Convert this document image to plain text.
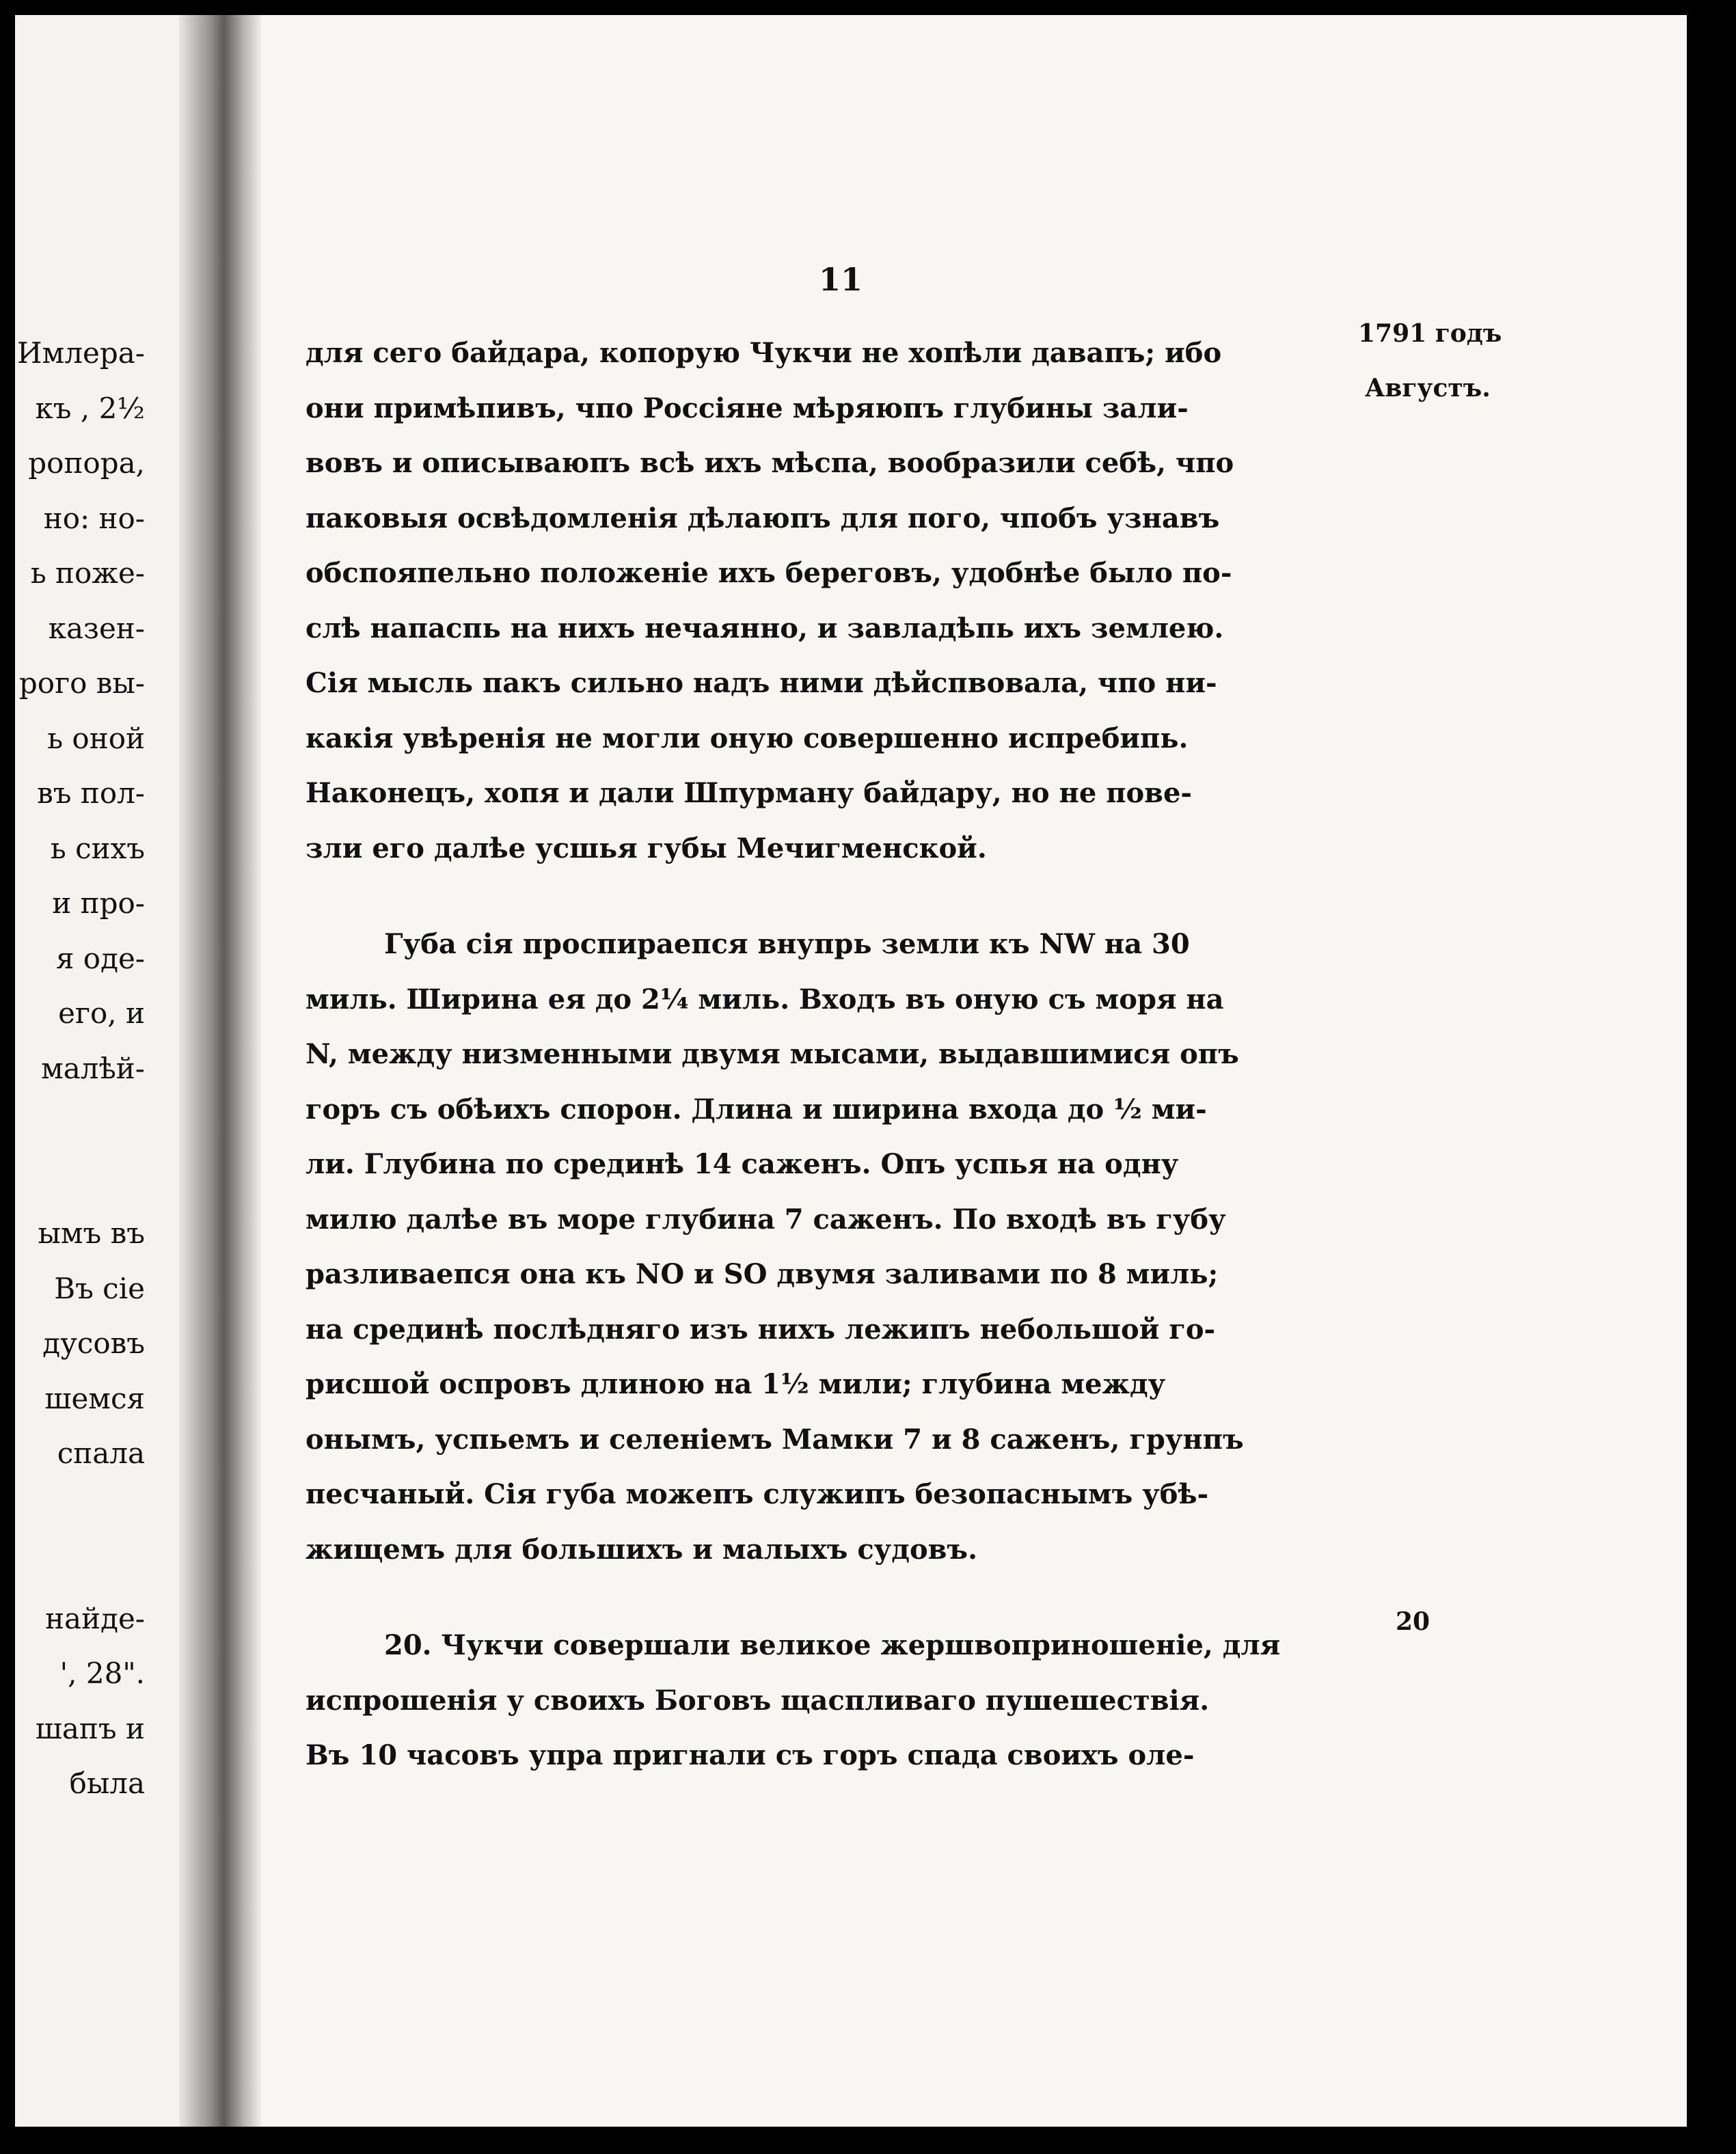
Имлера-
къ , 2½
ропора,
но: но-
ь поже-
казен-
рого вы-
ь оной
въ пол-
ь сихъ
и про-
я оде-
его, и
малѣй-
ымъ въ
Въ сіе
дусовъ
шемся
спала
найде-
', 28".
шапъ и
была
11
1791 годъ
Августъ.
20
для сего байдара, копорую Чукчи не хопѣли давапъ; ибо
они примѣпивъ, чпо Россіяне мѣряюпъ глубины зали-
вовъ и описываюпъ всѣ ихъ мѣспа, вообразили себѣ, чпо
паковыя освѣдомленія дѣлаюпъ для пого, чпобъ узнавъ
обспояпельно положеніе ихъ береговъ, удобнѣе было по-
слѣ напаспь на нихъ нечаянно, и завладѣпь ихъ землею.
Сія мысль пакъ сильно надъ ними дѣйспвовала, чпо ни-
какія увѣренія не могли оную совершенно испребипь.
Наконецъ, хопя и дали Шпурману байдару, но не пове-
зли его далѣе усшья губы Мечигменской.
Губа сія проспираепся внупрь земли къ NW на 30
миль. Ширина ея до 2¼ миль. Входъ въ оную съ моря на
N, между низменными двумя мысами, выдавшимися опъ
горъ съ обѣихъ спорон. Длина и ширина входа до ½ ми-
ли. Глубина по срединѣ 14 саженъ. Опъ успья на одну
милю далѣе въ море глубина 7 саженъ. По входѣ въ губу
разливаепся она къ NO и SO двумя заливами по 8 миль;
на срединѣ послѣдняго изъ нихъ лежипъ небольшой го-
рисшой оспровъ длиною на 1½ мили; глубина между
онымъ, успьемъ и селеніемъ Мамки 7 и 8 саженъ, грунпъ
песчаный. Сія губа можепъ служипъ безопаснымъ убѣ-
жищемъ для большихъ и малыхъ судовъ.
20. Чукчи совершали великое жершвоприношеніе, для
испрошенія у своихъ Боговъ щаспливаго пушешествія.
Въ 10 часовъ упра пригнали съ горъ спада своихъ оле-
